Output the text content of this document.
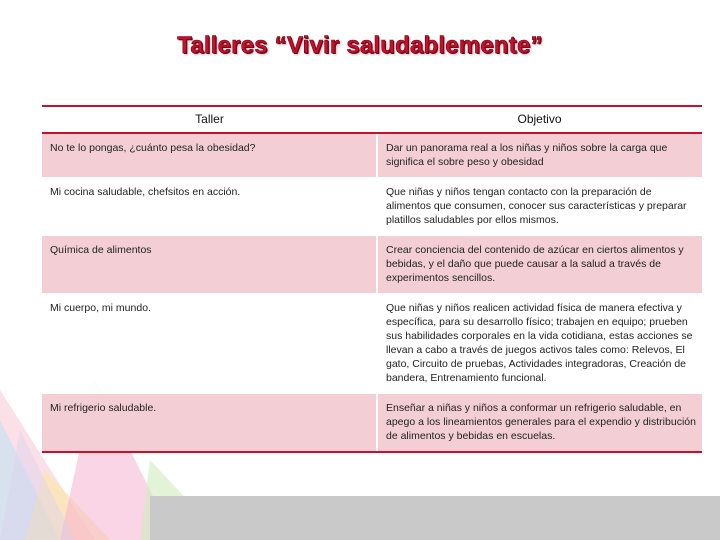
Talleres “Vivir saludablemente”
Taller	Objetivo
No te lo pongas, ¿cuánto pesa la obesidad?	Dar un panorama real a los niñas y niños sobre la carga que significa el sobre peso y obesidad
Mi cocina saludable, chefsitos en acción.	Que niñas y niños tengan contacto con la preparación de alimentos que consumen, conocer sus características y preparar platillos saludables por ellos mismos.
Química de alimentos	Crear conciencia del contenido de azúcar en ciertos alimentos y bebidas, y el daño que puede causar a la salud a través de experimentos sencillos.
Mi cuerpo, mi mundo.	Que niñas y niños realicen actividad física de manera efectiva y específica, para su desarrollo físico; trabajen en equipo; prueben sus habilidades corporales en la vida cotidiana, estas acciones se llevan a cabo a través de juegos activos tales como: Relevos, El gato, Circuito de pruebas, Actividades integradoras, Creación de bandera, Entrenamiento funcional.
Mi refrigerio saludable.	Enseñar a niñas y niños a conformar un refrigerio saludable, en apego a los lineamientos generales para el expendio y distribución de alimentos y bebidas en escuelas.
